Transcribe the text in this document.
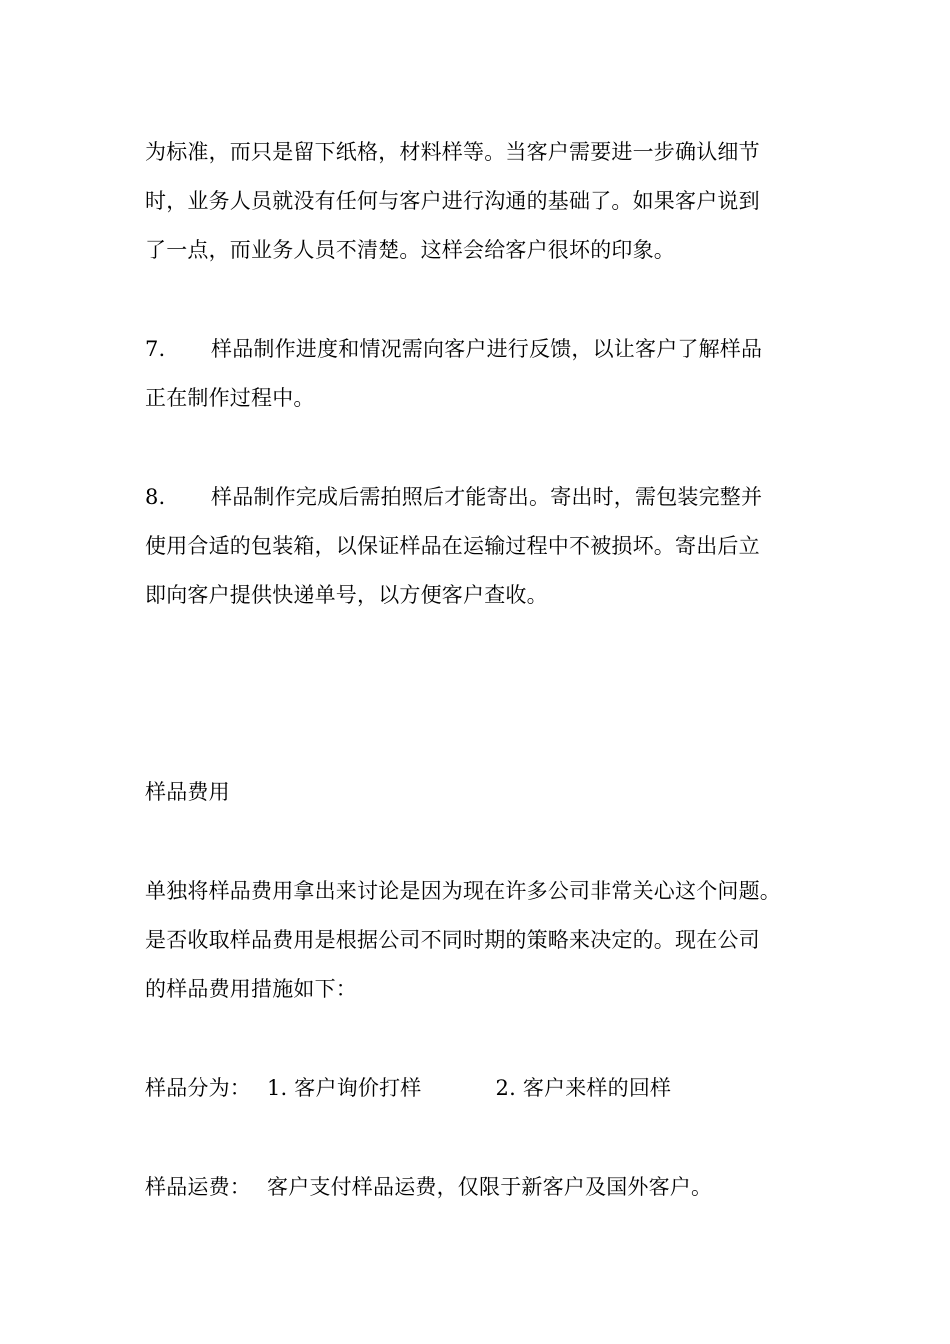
为标准，而只是留下纸格，材料样等。当客户需要进一步确认细节
时，业务人员就没有任何与客户进行沟通的基础了。如果客户说到
了一点，而业务人员不清楚。这样会给客户很坏的印象。
7. 样品制作进度和情况需向客户进行反馈，以让客户了解样品
正在制作过程中。
8. 样品制作完成后需拍照后才能寄出。寄出时，需包装完整并
使用合适的包装箱，以保证样品在运输过程中不被损坏。寄出后立
即向客户提供快递单号，以方便客户查收。
样品费用
单独将样品费用拿出来讨论是因为现在许多公司非常关心这个问题。
是否收取样品费用是根据公司不同时期的策略来决定的。现在公司
的样品费用措施如下：
样品分为： 1. 客户询价打样	2. 客户来样的回样
样品运费： 客户支付样品运费，仅限于新客户及国外客户。
